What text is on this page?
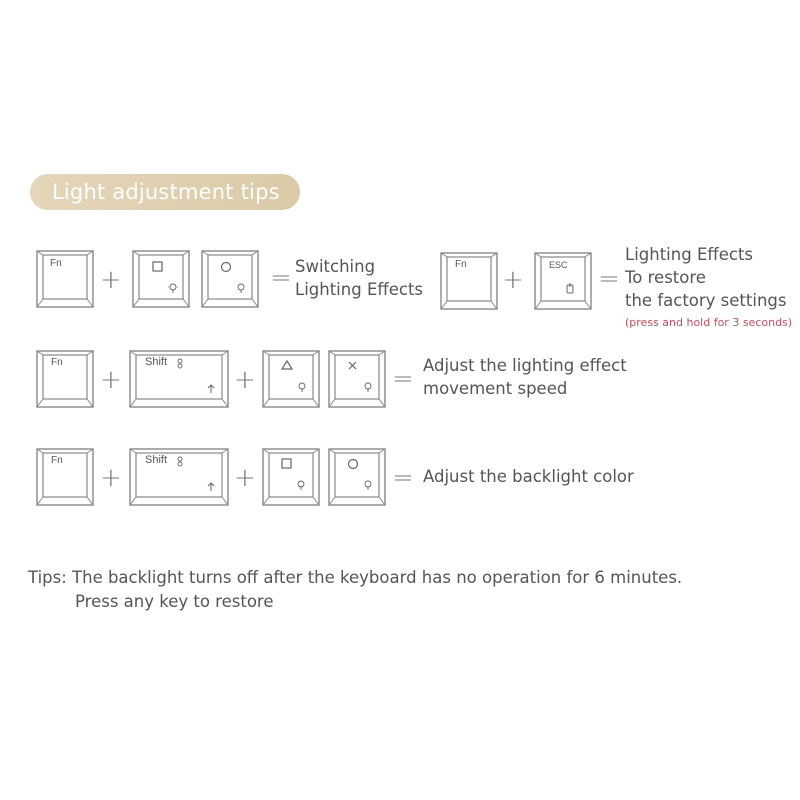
Light adjustment tips
Fn
+	= Switching
Lighting Effects
Fn
+	ESC =
Lighting Effects
To restore
the factory settings
(press and hold for 3 seconds)
Fn
+
Shift
+	= Adjust the lighting effect
movement speed
Fn
+
Shift
+	= Adjust the backlight color
Tips: The backlight turns off after the keyboard has no operation for 6 minutes.
Press any key to restore
